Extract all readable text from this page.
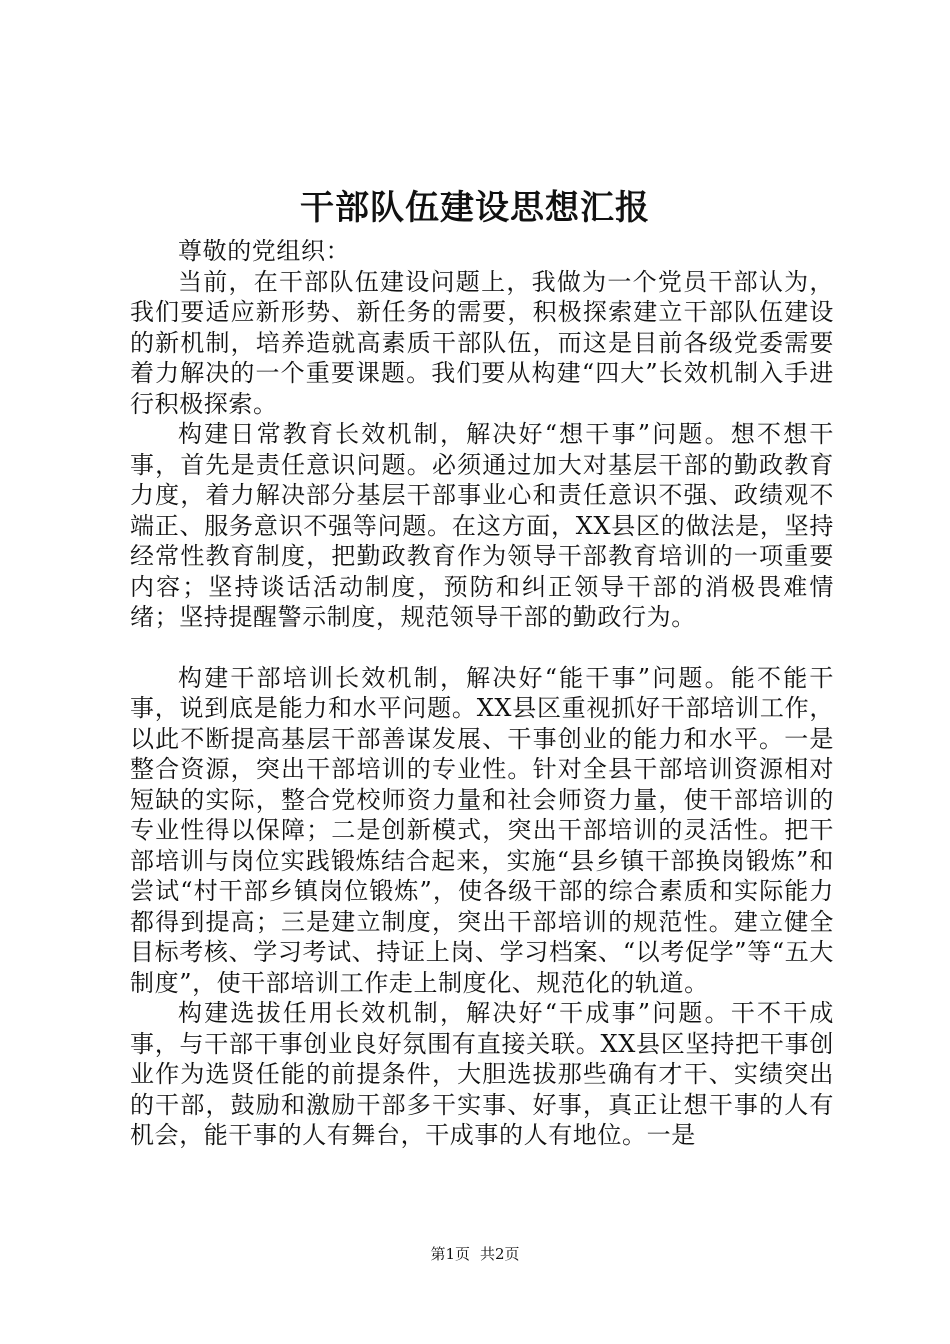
干部队伍建设思想汇报

尊敬的党组织：

当前，在干部队伍建设问题上，我做为一个党员干部认为，我们要适应新形势、新任务的需要，积极探索建立干部队伍建设的新机制，培养造就高素质干部队伍，而这是目前各级党委需要着力解决的一个重要课题。我们要从构建“四大”长效机制入手进行积极探索。

构建日常教育长效机制，解决好“想干事”问题。想不想干事，首先是责任意识问题。必须通过加大对基层干部的勤政教育力度，着力解决部分基层干部事业心和责任意识不强、政绩观不端正、服务意识不强等问题。在这方面，XX县区的做法是，坚持经常性教育制度，把勤政教育作为领导干部教育培训的一项重要内容；坚持谈话活动制度，预防和纠正领导干部的消极畏难情绪；坚持提醒警示制度，规范领导干部的勤政行为。

构建干部培训长效机制，解决好“能干事”问题。能不能干事，说到底是能力和水平问题。XX县区重视抓好干部培训工作，以此不断提高基层干部善谋发展、干事创业的能力和水平。一是整合资源，突出干部培训的专业性。针对全县干部培训资源相对短缺的实际，整合党校师资力量和社会师资力量，使干部培训的专业性得以保障；二是创新模式，突出干部培训的灵活性。把干部培训与岗位实践锻炼结合起来，实施“县乡镇干部换岗锻炼”和尝试“村干部乡镇岗位锻炼”，使各级干部的综合素质和实际能力都得到提高；三是建立制度，突出干部培训的规范性。建立健全目标考核、学习考试、持证上岗、学习档案、“以考促学”等“五大制度”，使干部培训工作走上制度化、规范化的轨道。

构建选拔任用长效机制，解决好“干成事”问题。干不干成事，与干部干事创业良好氛围有直接关联。XX县区坚持把干事创业作为选贤任能的前提条件，大胆选拔那些确有才干、实绩突出的干部，鼓励和激励干部多干实事、好事，真正让想干事的人有机会，能干事的人有舞台，干成事的人有地位。一是

第1页 共2页
